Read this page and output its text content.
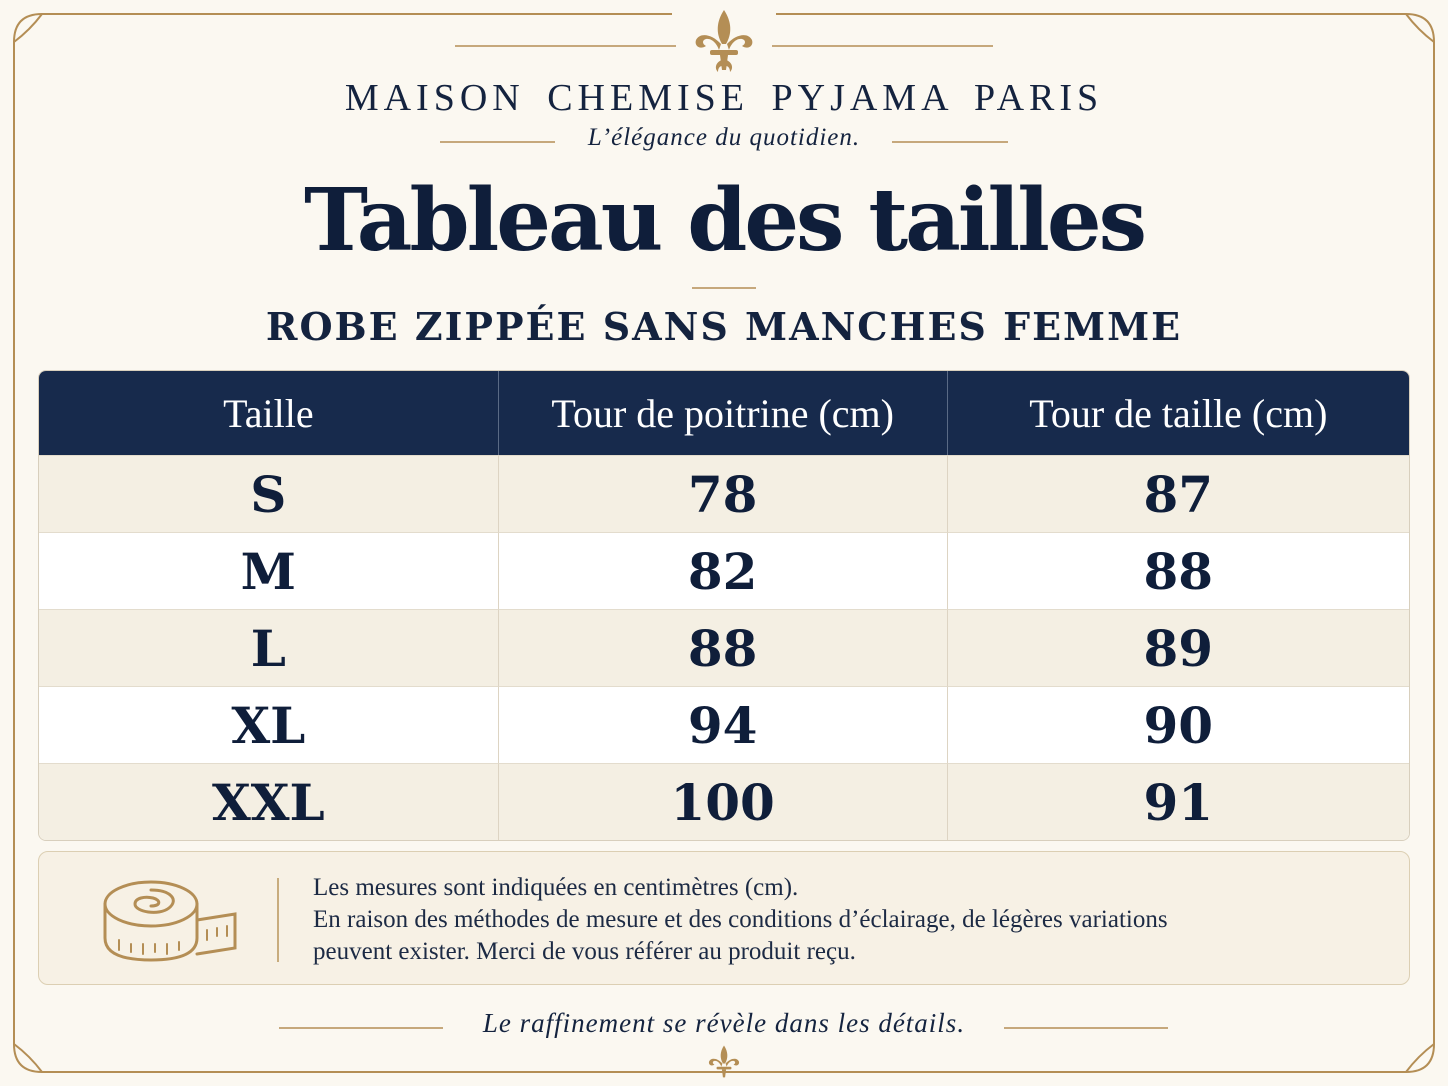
MAISON CHEMISE PYJAMA PARIS
L’élégance du quotidien.
Tableau des tailles
ROBE ZIPPÉE SANS MANCHES FEMME
Taille	Tour de poitrine (cm)	Tour de taille (cm)
S	78	87
M	82	88
L	88	89
XL	94	90
XXL	100	91
Les mesures sont indiquées en centimètres (cm).
En raison des méthodes de mesure et des conditions d’éclairage, de légères variations
peuvent exister. Merci de vous référer au produit reçu.
Le raffinement se révèle dans les détails.
